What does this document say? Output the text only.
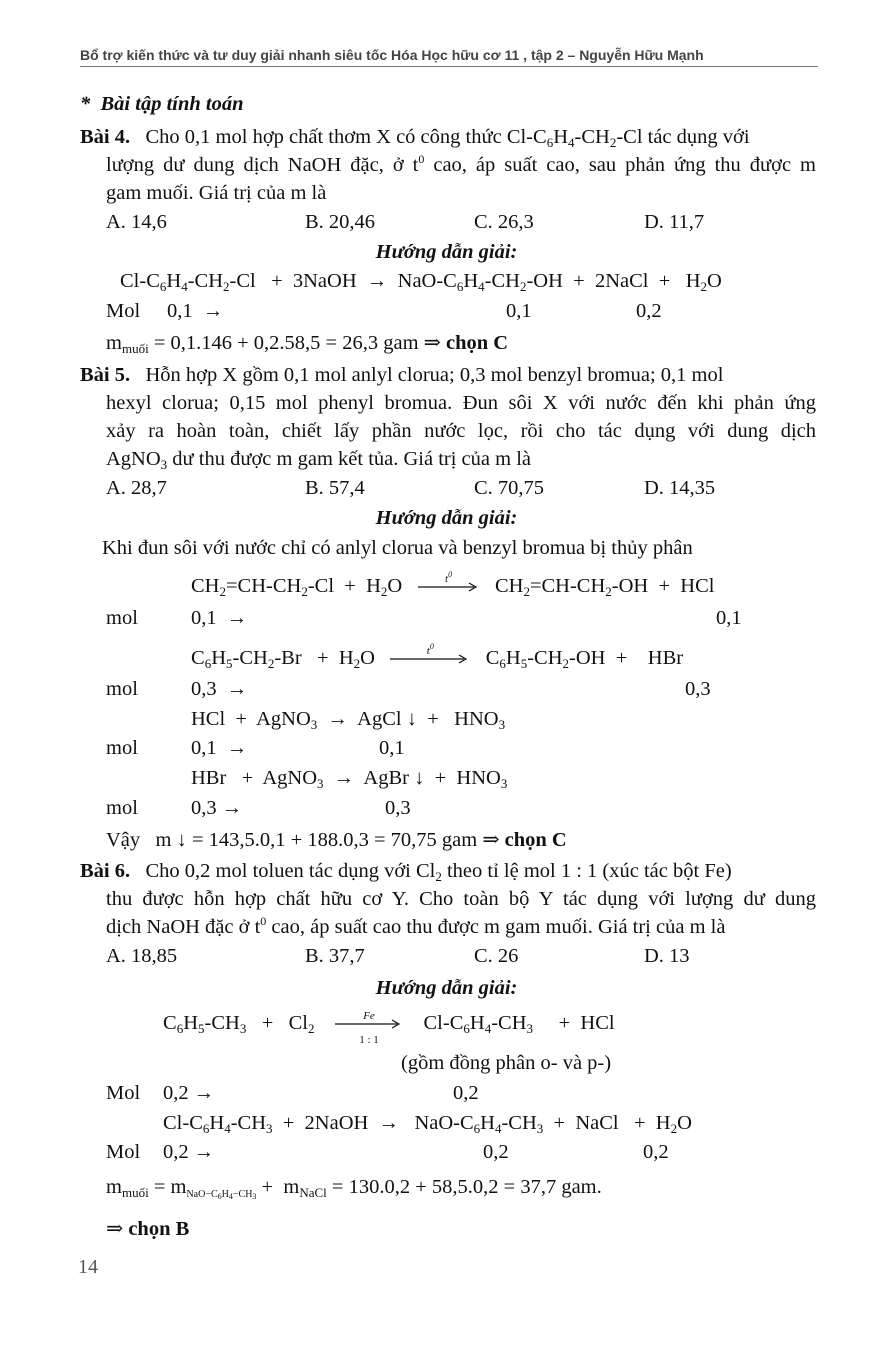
Bổ trợ kiến thức và tư duy giải nhanh siêu tốc Hóa Học hữu cơ 11 , tập 2 – Nguyễn Hữu Mạnh
* Bài tập tính toán
Bài 4. Cho 0,1 mol hợp chất thơm X có công thức $Cl-C_6H_4-CH_2-Cl$ tác dụng với
lượng dư dung dịch NaOH đặc, ở $t^0$ cao, áp suất cao, sau phản ứng thu được m
gam muối. Giá trị của m là
A. 14,6	B. 20,46	C. 26,3	D. 11,7
Hướng dẫn giải:
$Cl-C_6H_4-CH_2-Cl$   +  3NaOH  →  NaO-$C_6H_4-CH_2-OH$  +  2NaCl  +   $H_2O$
Mol 0,1  →	0,1	0,2
$m_{muối} = 0,1.146 + 0,2.58,5 = 26,3$ gam ⇒ chọn C
Bài 5. Hỗn hợp X gồm 0,1 mol anlyl clorua; 0,3 mol benzyl bromua; 0,1 mol
hexyl clorua; 0,15 mol phenyl bromua. Đun sôi X với nước đến khi phản ứng
xảy ra hoàn toàn, chiết lấy phần nước lọc, rồi cho tác dụng với dung dịch
AgNO$_3$ dư thu được m gam kết tủa. Giá trị của m là
A. 28,7	B. 57,4	C. 70,75	D. 14,35
Hướng dẫn giải:
Khi đun sôi với nước chỉ có anlyl clorua và benzyl bromua bị thủy phân
$CH_2=CH-CH_2-Cl + H_2O$	$t^0$
$CH_2=CH-CH_2-OH$  +  HCl
mol	0,1  →	0,1
$C_6H_5-CH_2-Br + H_2O$	$t^0$
$C_6H_5-CH_2-OH$  +    HBr
mol	0,3  →	0,3
HCl  +  AgNO$_3$  →  AgCl ↓  +   $HNO_3$
mol	0,1  →	0,1
HBr   +  AgNO$_3$  →  AgBr ↓  +  $HNO_3$
mol	0,3 →	0,3
Vậy m ↓ = 143,5.0,1 + 188.0,3 = 70,75 gam ⇒ chọn C
Bài 6. Cho 0,2 mol toluen tác dụng với $Cl_2$ theo tỉ lệ mol 1 : 1 (xúc tác bột Fe)
thu được hỗn hợp chất hữu cơ Y. Cho toàn bộ Y tác dụng với lượng dư dung
dịch NaOH đặc ở $t^0$ cao, áp suất cao thu được m gam muối. Giá trị của m là
A. 18,85	B. 37,7	C. 26	D. 13
Hướng dẫn giải:
$C_6H_5-CH_3 + Cl_2$
Fe
1 : 1
$Cl-C_6H_4-CH_3$     +  HCl
(gồm đồng phân o- và p-)
Mol 0,2 →	0,2
$Cl-C_6H_4-CH_3$  +  2NaOH  →   NaO-$C_6H_4-CH_3$  +  NaCl   +  $H_2O$
Mol 0,2 →	0,2	0,2
$m_{muối} = m_{NaO-C_6H_4-CH_3} + m_{NaCl} = 130.0,2 + 58,5.0,2 = 37,7$ gam.
⇒ chọn B
14
